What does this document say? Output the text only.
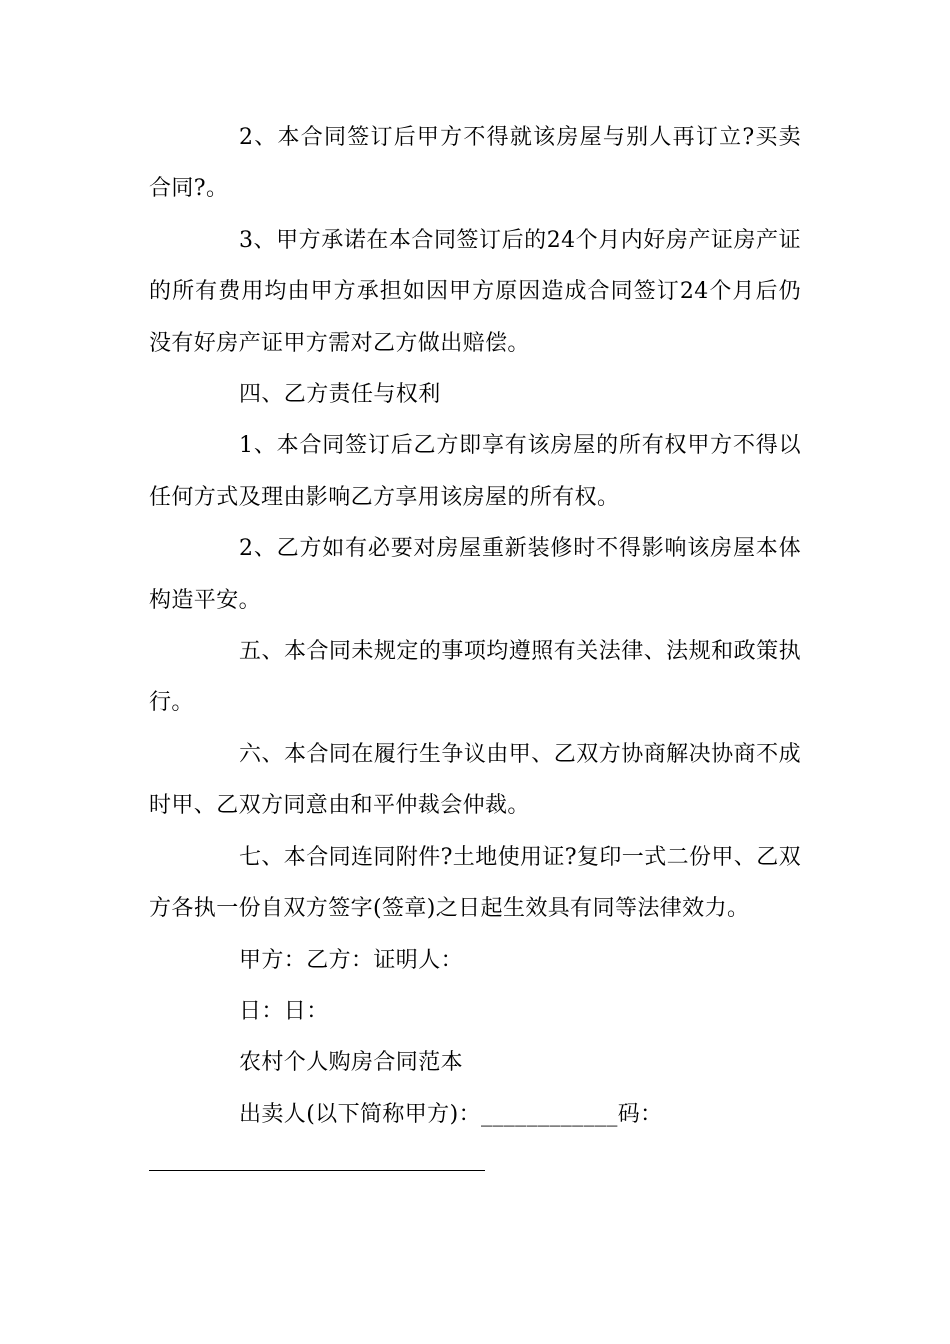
2、本合同签订后甲方不得就该房屋与别人再订立?买卖合同?。

3、甲方承诺在本合同签订后的24个月内好房产证房产证的所有费用均由甲方承担如因甲方原因造成合同签订24个月后仍没有好房产证甲方需对乙方做出赔偿。

四、乙方责任与权利

1、本合同签订后乙方即享有该房屋的所有权甲方不得以任何方式及理由影响乙方享用该房屋的所有权。

2、乙方如有必要对房屋重新装修时不得影响该房屋本体构造平安。

五、本合同未规定的事项均遵照有关法律、法规和政策执行。

六、本合同在履行生争议由甲、乙双方协商解决协商不成时甲、乙双方同意由和平仲裁会仲裁。

七、本合同连同附件?土地使用证?复印一式二份甲、乙双方各执一份自双方签字(签章)之日起生效具有同等法律效力。

甲方：乙方：证明人：

日：日：

农村个人购房合同范本

出卖人(以下简称甲方)：____________码：
